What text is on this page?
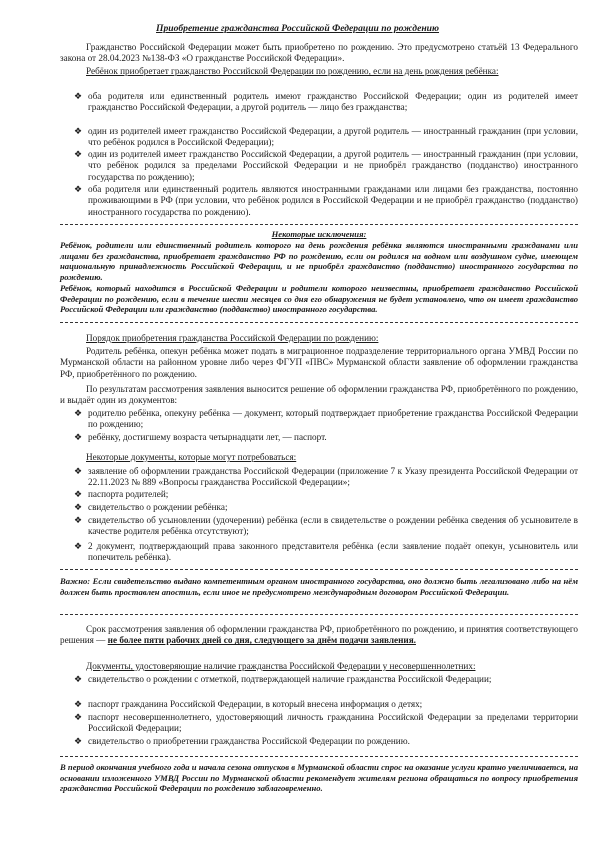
Приобретение гражданства Российской Федерации по рождению

Гражданство Российской Федерации может быть приобретено по рождению. Это предусмотрено статьёй 13 Федерального закона от 28.04.2023 №138-ФЗ «О гражданстве Российской Федерации».

Ребёнок приобретает гражданство Российской Федерации по рождению, если на день рождения ребёнка:

❖ оба родителя или единственный родитель имеют гражданство Российской Федерации; один из родителей имеет гражданство Российской Федерации, а другой родитель — лицо без гражданства;
❖ один из родителей имеет гражданство Российской Федерации, а другой родитель — иностранный гражданин (при условии, что ребёнок родился в Российской Федерации);
❖ один из родителей имеет гражданство Российской Федерации, а другой родитель — иностранный гражданин (при условии, что ребёнок родился за пределами Российской Федерации и не приобрёл гражданство (подданство) иностранного государства по рождению);
❖ оба родителя или единственный родитель являются иностранными гражданами или лицами без гражданства, постоянно проживающими в РФ (при условии, что ребёнок родился в Российской Федерации и не приобрёл гражданство (подданство) иностранного государства по рождению).

Некоторые исключения:

Ребёнок, родители или единственный родитель которого на день рождения ребёнка являются иностранными гражданами или лицами без гражданства, приобретает гражданство РФ по рождению, если он родился на водном или воздушном судне, имеющем национальную принадлежность Российской Федерации, и не приобрёл гражданство (подданство) иностранного государства по рождению.

Ребёнок, который находится в Российской Федерации и родители которого неизвестны, приобретает гражданство Российской Федерации по рождению, если в течение шести месяцев со дня его обнаружения не будет установлено, что он имеет гражданство Российской Федерации или гражданство (подданство) иностранного государства.

Порядок приобретения гражданства Российской Федерации по рождению:

Родитель ребёнка, опекун ребёнка может подать в миграционное подразделение территориального органа УМВД России по Мурманской области на районном уровне либо через ФГУП «ПВС» Мурманской области заявление об оформлении гражданства РФ, приобретённого по рождению.

По результатам рассмотрения заявления выносится решение об оформлении гражданства РФ, приобретённого по рождению, и выдаёт один из документов:

❖ родителю ребёнка, опекуну ребёнка — документ, который подтверждает приобретение гражданства Российской Федерации по рождению;
❖ ребёнку, достигшему возраста четырнадцати лет, — паспорт.

Некоторые документы, которые могут потребоваться:

❖ заявление об оформлении гражданства Российской Федерации (приложение 7 к Указу президента Российской Федерации от 22.11.2023 № 889 «Вопросы гражданства Российской Федерации»;
❖ паспорта родителей;
❖ свидетельство о рождении ребёнка;
❖ свидетельство об усыновлении (удочерении) ребёнка (если в свидетельстве о рождении ребёнка сведения об усыновителе в качестве родителя ребёнка отсутствуют);
❖ 2 документ, подтверждающий права законного представителя ребёнка (если заявление подаёт опекун, усыновитель или попечитель ребёнка).

Важно: Если свидетельство выдано компетентным органом иностранного государства, оно должно быть легализовано либо на нём должен быть проставлен апостиль, если иное не предусмотрено международным договором Российской Федерации.

Срок рассмотрения заявления об оформлении гражданства РФ, приобретённого по рождению, и принятия соответствующего решения — не более пяти рабочих дней со дня, следующего за днём подачи заявления.

Документы, удостоверяющие наличие гражданства Российской Федерации у несовершеннолетних:

❖ свидетельство о рождении с отметкой, подтверждающей наличие гражданства Российской Федерации;
❖ паспорт гражданина Российской Федерации, в который внесена информация о детях;
❖ паспорт несовершеннолетнего, удостоверяющий личность гражданина Российской Федерации за пределами территории Российской Федерации;
❖ свидетельство о приобретении гражданства Российской Федерации по рождению.

В период окончания учебного года и начала сезона отпусков в Мурманской области спрос на оказание услуги кратно увеличивается, на основании изложенного УМВД России по Мурманской области рекомендует жителям региона обращаться по вопросу приобретения гражданства Российской Федерации по рождению заблаговременно.
